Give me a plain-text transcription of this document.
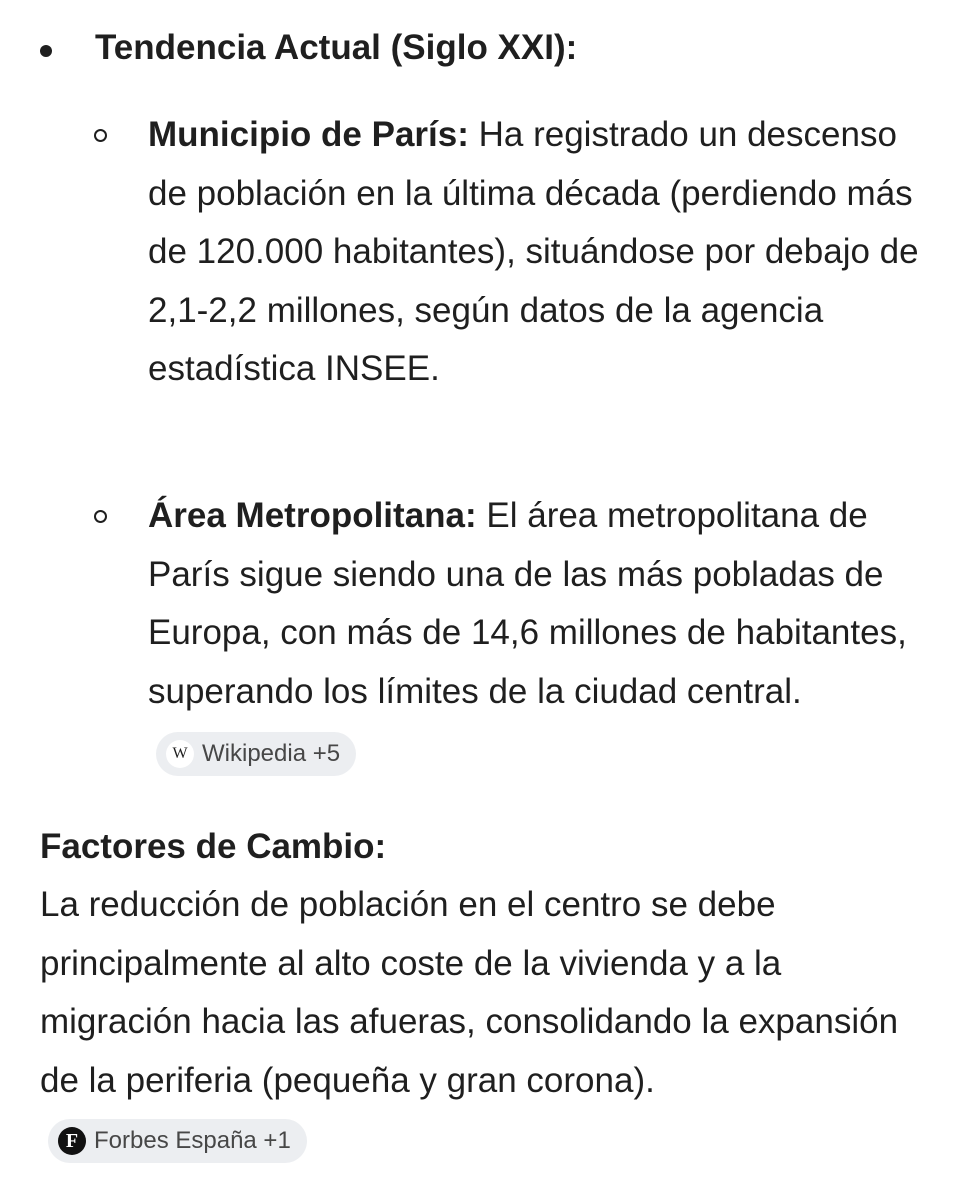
Tendencia Actual (Siglo XXI):

Municipio de París: Ha registrado un descenso de población en la última década (perdiendo más de 120.000 habitantes), situándose por debajo de 2,1-2,2 millones, según datos de la agencia estadística INSEE.

Área Metropolitana: El área metropolitana de París sigue siendo una de las más pobladas de Europa, con más de 14,6 millones de habitantes, superando los límites de la ciudad central.
W Wikipedia +5

Factores de Cambio:

La reducción de población en el centro se debe principalmente al alto coste de la vivienda y a la migración hacia las afueras, consolidando la expansión de la periferia (pequeña y gran corona).
F Forbes España +1
